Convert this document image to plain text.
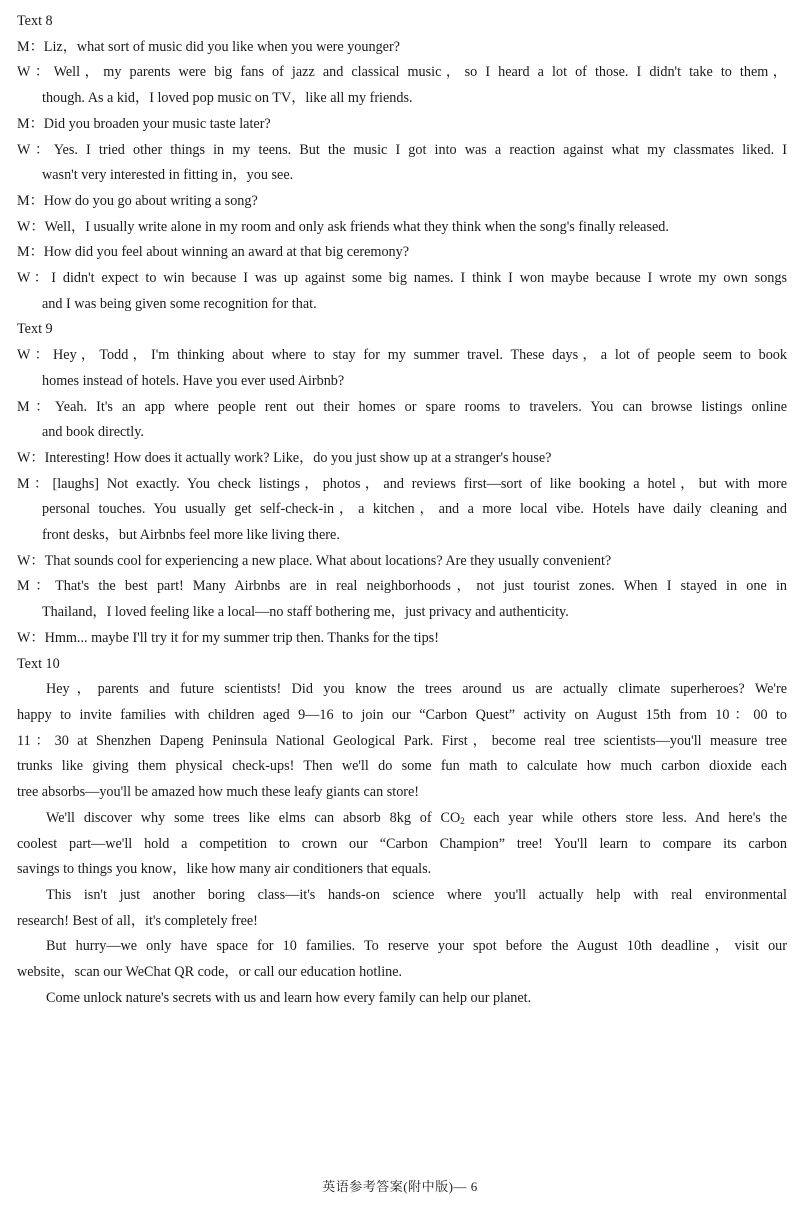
Text 8
M：Liz，what sort of music did you like when you were younger?
W：Well，my parents were big fans of jazz and classical music，so I heard a lot of those. I didn't take to them，
though. As a kid，I loved pop music on TV，like all my friends.
M：Did you broaden your music taste later?
W：Yes. I tried other things in my teens. But the music I got into was a reaction against what my classmates liked. I
wasn't very interested in fitting in，you see.
M：How do you go about writing a song?
W：Well，I usually write alone in my room and only ask friends what they think when the song's finally released.
M：How did you feel about winning an award at that big ceremony?
W：I didn't expect to win because I was up against some big names. I think I won maybe because I wrote my own songs
and I was being given some recognition for that.
Text 9
W：Hey，Todd，I'm thinking about where to stay for my summer travel. These days，a lot of people seem to book
homes instead of hotels. Have you ever used Airbnb?
M：Yeah. It's an app where people rent out their homes or spare rooms to travelers. You can browse listings online
and book directly.
W：Interesting! How does it actually work? Like，do you just show up at a stranger's house?
M：[laughs] Not exactly. You check listings，photos，and reviews first—sort of like booking a hotel，but with more
personal touches. You usually get self-check-in，a kitchen，and a more local vibe. Hotels have daily cleaning and
front desks，but Airbnbs feel more like living there.
W：That sounds cool for experiencing a new place. What about locations? Are they usually convenient?
M：That's the best part! Many Airbnbs are in real neighborhoods，not just tourist zones. When I stayed in one in
Thailand，I loved feeling like a local—no staff bothering me，just privacy and authenticity.
W：Hmm... maybe I'll try it for my summer trip then. Thanks for the tips!
Text 10
Hey，parents and future scientists! Did you know the trees around us are actually climate superheroes? We're
happy to invite families with children aged 9—16 to join our “Carbon Quest” activity on August 15th from 10：00 to
11：30 at Shenzhen Dapeng Peninsula National Geological Park. First，become real tree scientists—you'll measure tree
trunks like giving them physical check-ups! Then we'll do some fun math to calculate how much carbon dioxide each
tree absorbs—you'll be amazed how much these leafy giants can store!
We'll discover why some trees like elms can absorb 8kg of $CO_2$ each year while others store less. And here's the
coolest part—we'll hold a competition to crown our “Carbon Champion” tree! You'll learn to compare its carbon
savings to things you know，like how many air conditioners that equals.
This isn't just another boring class—it's hands-on science where you'll actually help with real environmental
research! Best of all，it's completely free!
But hurry—we only have space for 10 families. To reserve your spot before the August 10th deadline，visit our
website，scan our WeChat QR code，or call our education hotline.
Come unlock nature's secrets with us and learn how every family can help our planet.
英语参考答案(附中版)— 6
